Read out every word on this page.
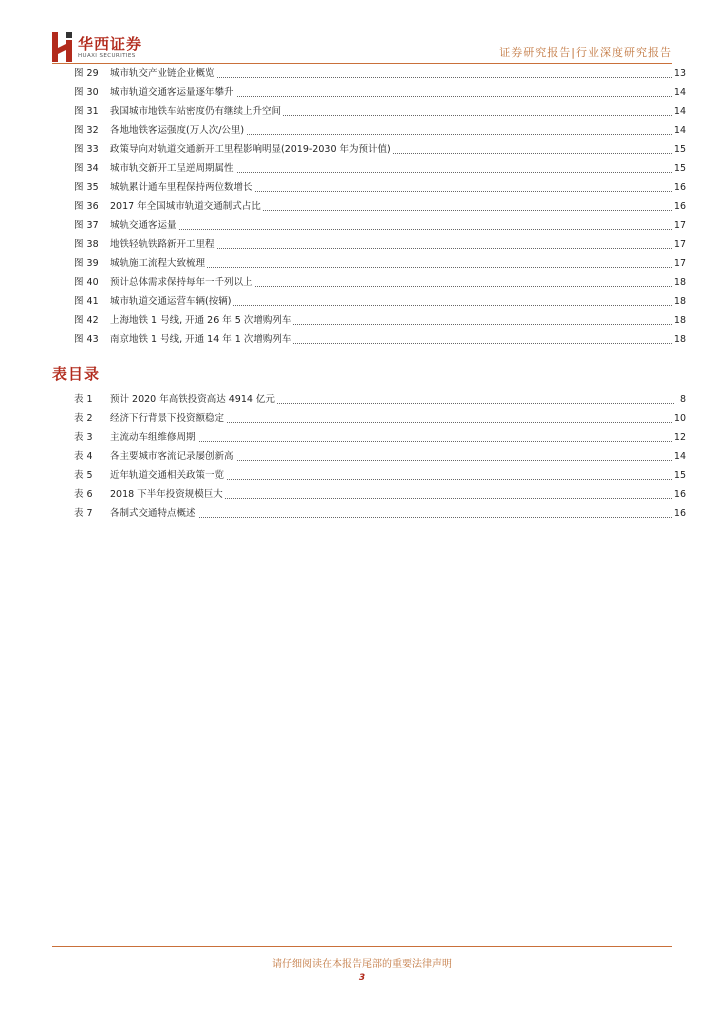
华西证券
HUAXI SECURITIES	证券研究报告|行业深度研究报告
图 29	城市轨交产业链企业概览	13
图 30	城市轨道交通客运量逐年攀升	14
图 31	我国城市地铁车站密度仍有继续上升空间	14
图 32	各地地铁客运强度(万人次/公里)	14
图 33	政策导向对轨道交通新开工里程影响明显(2019-2030 年为预计值)	15
图 34	城市轨交新开工呈逆周期属性	15
图 35	城轨累计通车里程保持两位数增长	16
图 36	2017 年全国城市轨道交通制式占比	16
图 37	城轨交通客运量	17
图 38	地铁轻轨铁路新开工里程	17
图 39	城轨施工流程大致梳理	17
图 40	预计总体需求保持每年一千列以上	18
图 41	城市轨道交通运营车辆(按辆)	18
图 42	上海地铁 1 号线, 开通 26 年 5 次增购列车	18
图 43	南京地铁 1 号线, 开通 14 年 1 次增购列车	18
表目录
表 1	预计 2020 年高铁投资高达 4914 亿元	8
表 2	经济下行背景下投资额稳定	10
表 3	主流动车组维修周期	12
表 4	各主要城市客流记录屡创新高	14
表 5	近年轨道交通相关政策一览	15
表 6	2018 下半年投资规模巨大	16
表 7	各制式交通特点概述	16
请仔细阅读在本报告尾部的重要法律声明
3
